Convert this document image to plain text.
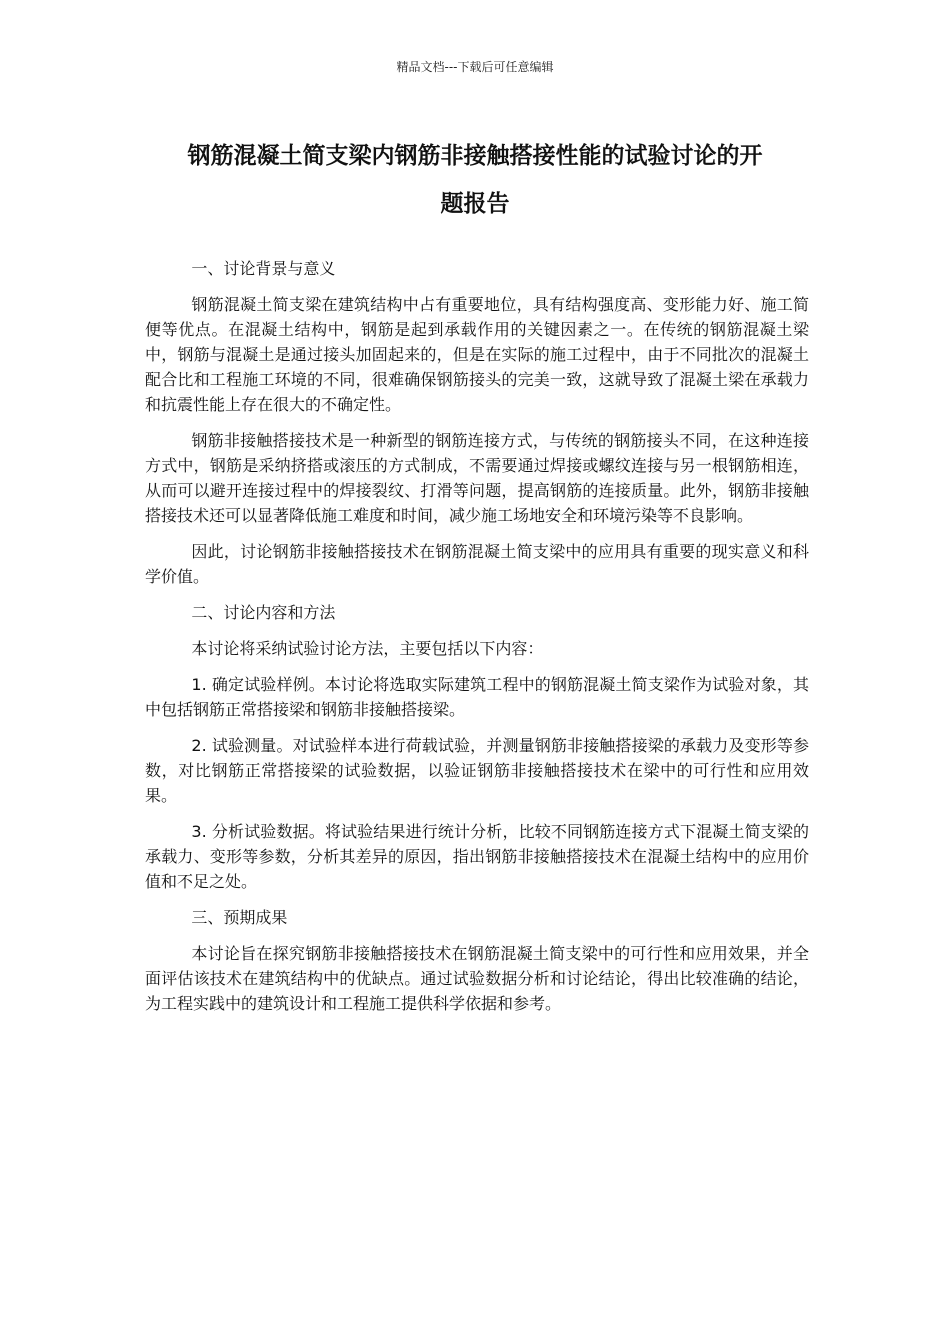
精品文档---下载后可任意编辑
钢筋混凝土简支梁内钢筋非接触搭接性能的试验讨论的开
题报告

一、讨论背景与意义

钢筋混凝土简支梁在建筑结构中占有重要地位，具有结构强度高、变形能力好、施工简便等优点。在混凝土结构中，钢筋是起到承载作用的关键因素之一。在传统的钢筋混凝土梁中，钢筋与混凝土是通过接头加固起来的，但是在实际的施工过程中，由于不同批次的混凝土配合比和工程施工环境的不同，很难确保钢筋接头的完美一致，这就导致了混凝土梁在承载力和抗震性能上存在很大的不确定性。

钢筋非接触搭接技术是一种新型的钢筋连接方式，与传统的钢筋接头不同，在这种连接方式中，钢筋是采纳挤搭或滚压的方式制成，不需要通过焊接或螺纹连接与另一根钢筋相连，从而可以避开连接过程中的焊接裂纹、打滑等问题，提高钢筋的连接质量。此外，钢筋非接触搭接技术还可以显著降低施工难度和时间，减少施工场地安全和环境污染等不良影响。

因此，讨论钢筋非接触搭接技术在钢筋混凝土简支梁中的应用具有重要的现实意义和科学价值。

二、讨论内容和方法

本讨论将采纳试验讨论方法，主要包括以下内容：

1. 确定试验样例。本讨论将选取实际建筑工程中的钢筋混凝土简支梁作为试验对象，其中包括钢筋正常搭接梁和钢筋非接触搭接梁。

2. 试验测量。对试验样本进行荷载试验，并测量钢筋非接触搭接梁的承载力及变形等参数，对比钢筋正常搭接梁的试验数据，以验证钢筋非接触搭接技术在梁中的可行性和应用效果。

3. 分析试验数据。将试验结果进行统计分析，比较不同钢筋连接方式下混凝土简支梁的承载力、变形等参数，分析其差异的原因，指出钢筋非接触搭接技术在混凝土结构中的应用价值和不足之处。

三、预期成果

本讨论旨在探究钢筋非接触搭接技术在钢筋混凝土简支梁中的可行性和应用效果，并全面评估该技术在建筑结构中的优缺点。通过试验数据分析和讨论结论，得出比较准确的结论，为工程实践中的建筑设计和工程施工提供科学依据和参考。
